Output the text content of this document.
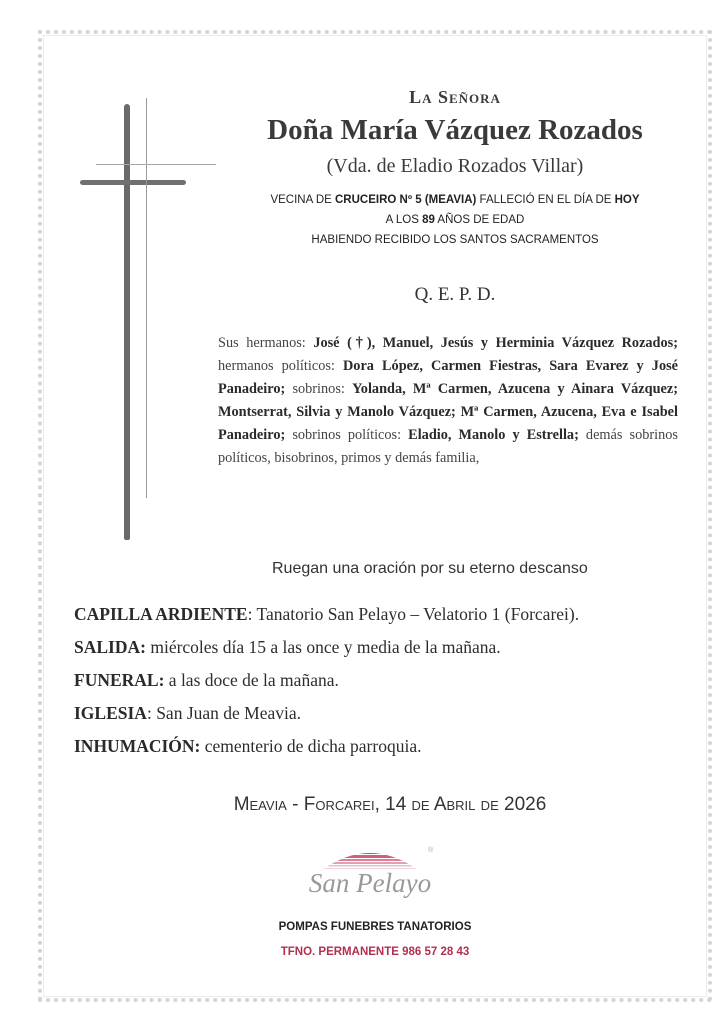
La Señora
Doña María Vázquez Rozados
(Vda. de Eladio Rozados Villar)
VECINA DE CRUCEIRO Nº 5 (MEAVIA) FALLECIÓ EN EL DÍA DE HOY
A LOS 89 AÑOS DE EDAD
HABIENDO RECIBIDO LOS SANTOS SACRAMENTOS
Q. E. P. D.
Sus hermanos: José (†), Manuel, Jesús y Herminia Vázquez Rozados; hermanos políticos: Dora López, Carmen Fiestras, Sara Evarez y José Panadeiro; sobrinos: Yolanda, Mª Carmen, Azucena y Ainara Vázquez; Montserrat, Silvia y Manolo Vázquez; Mª Carmen, Azucena, Eva e Isabel Panadeiro; sobrinos políticos: Eladio, Manolo y Estrella; demás sobrinos políticos, bisobrinos, primos y demás familia,
Ruegan una oración por su eterno descanso
CAPILLA ARDIENTE: Tanatorio San Pelayo – Velatorio 1 (Forcarei).
SALIDA: miércoles día 15 a las once y media de la mañana.
FUNERAL: a las doce de la mañana.
IGLESIA: San Juan de Meavia.
INHUMACIÓN: cementerio de dicha parroquia.
Meavia - Forcarei, 14 de Abril de 2026
®
San Pelayo
POMPAS FUNEBRES TANATORIOS
TFNO. PERMANENTE 986 57 28 43
